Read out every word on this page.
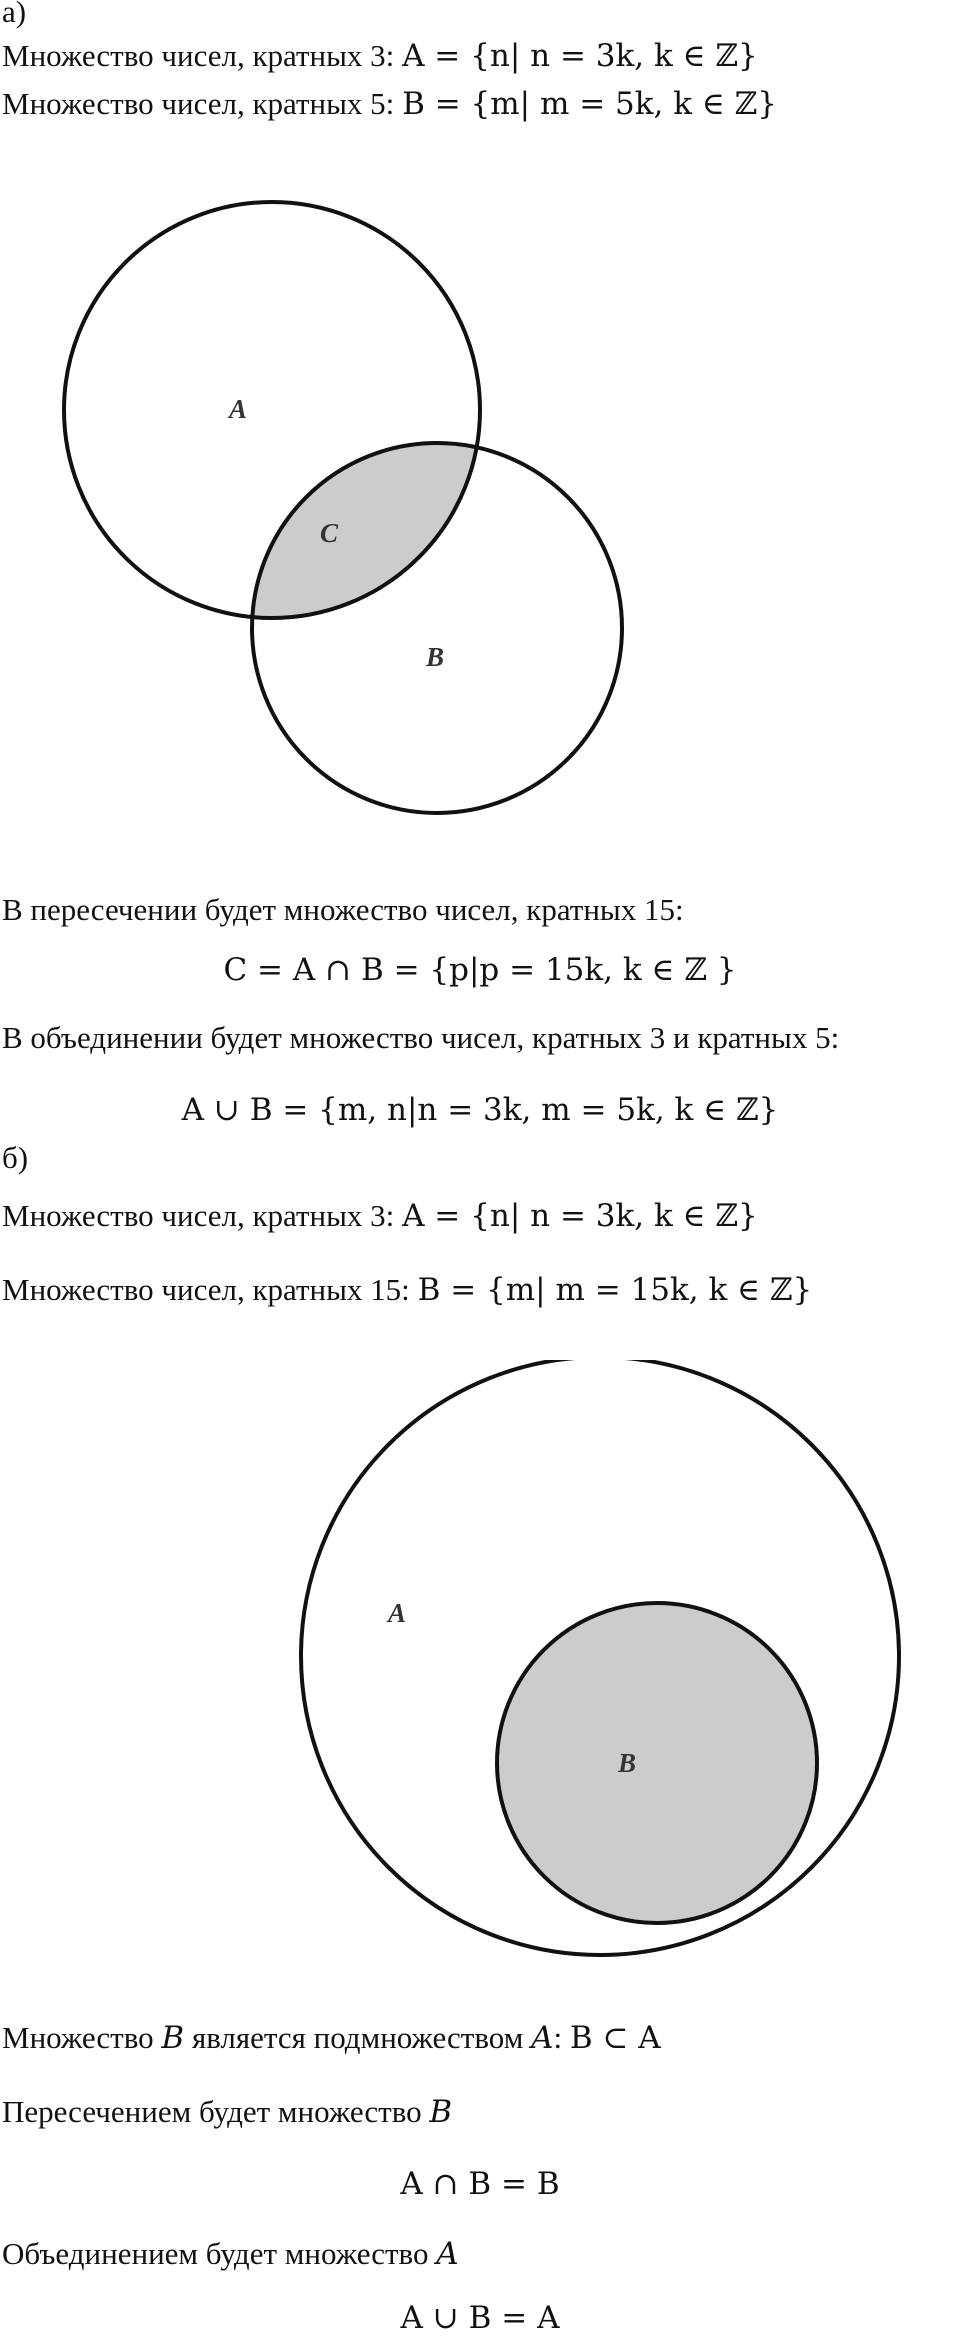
а)
Множество чисел, кратных 3: A = {n| n = 3k, k ∈ ℤ}
Множество чисел, кратных 5: B = {m| m = 5k, k ∈ ℤ}
A
C
B
В пересечении будет множество чисел, кратных 15:
C = A ∩ B = {p|p = 15k, k ∈ ℤ }
В объединении будет множество чисел, кратных 3 и кратных 5:
A ∪ B = {m, n|n = 3k, m = 5k, k ∈ ℤ}
б)
Множество чисел, кратных 3: A = {n| n = 3k, k ∈ ℤ}
Множество чисел, кратных 15: B = {m| m = 15k, k ∈ ℤ}
A
B
Множество B является подмножеством A: B ⊂ A
Пересечением будет множество B
A ∩ B = B
Объединением будет множество A
A ∪ B = A
